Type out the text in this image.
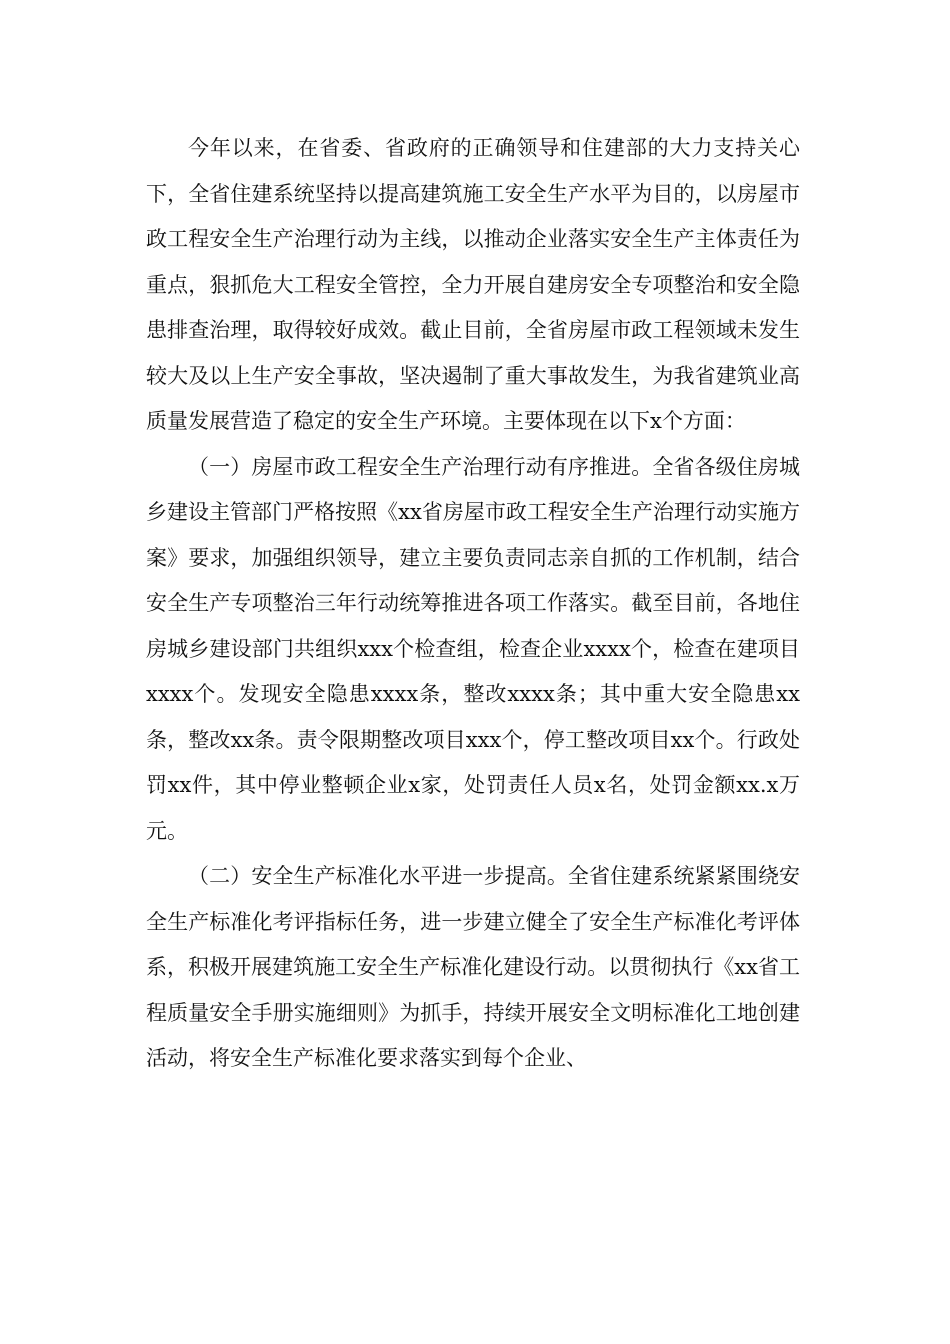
今年以来，在省委、省政府的正确领导和住建部的大力支持关心下，全省住建系统坚持以提高建筑施工安全生产水平为目的，以房屋市政工程安全生产治理行动为主线，以推动企业落实安全生产主体责任为重点，狠抓危大工程安全管控，全力开展自建房安全专项整治和安全隐患排查治理，取得较好成效。截止目前，全省房屋市政工程领域未发生较大及以上生产安全事故，坚决遏制了重大事故发生，为我省建筑业高质量发展营造了稳定的安全生产环境。主要体现在以下x个方面：

（一）房屋市政工程安全生产治理行动有序推进。全省各级住房城乡建设主管部门严格按照《xx省房屋市政工程安全生产治理行动实施方案》要求，加强组织领导，建立主要负责同志亲自抓的工作机制，结合安全生产专项整治三年行动统筹推进各项工作落实。截至目前，各地住房城乡建设部门共组织xxx个检查组，检查企业xxxx个，检查在建项目xxxx个。发现安全隐患xxxx条，整改xxxx条；其中重大安全隐患xx条，整改xx条。责令限期整改项目xxx个，停工整改项目xx个。行政处罚xx件，其中停业整顿企业x家，处罚责任人员x名，处罚金额xx.x万元。

（二）安全生产标准化水平进一步提高。全省住建系统紧紧围绕安全生产标准化考评指标任务，进一步建立健全了安全生产标准化考评体系，积极开展建筑施工安全生产标准化建设行动。以贯彻执行《xx省工程质量安全手册实施细则》为抓手，持续开展安全文明标准化工地创建活动，将安全生产标准化要求落实到每个企业、
